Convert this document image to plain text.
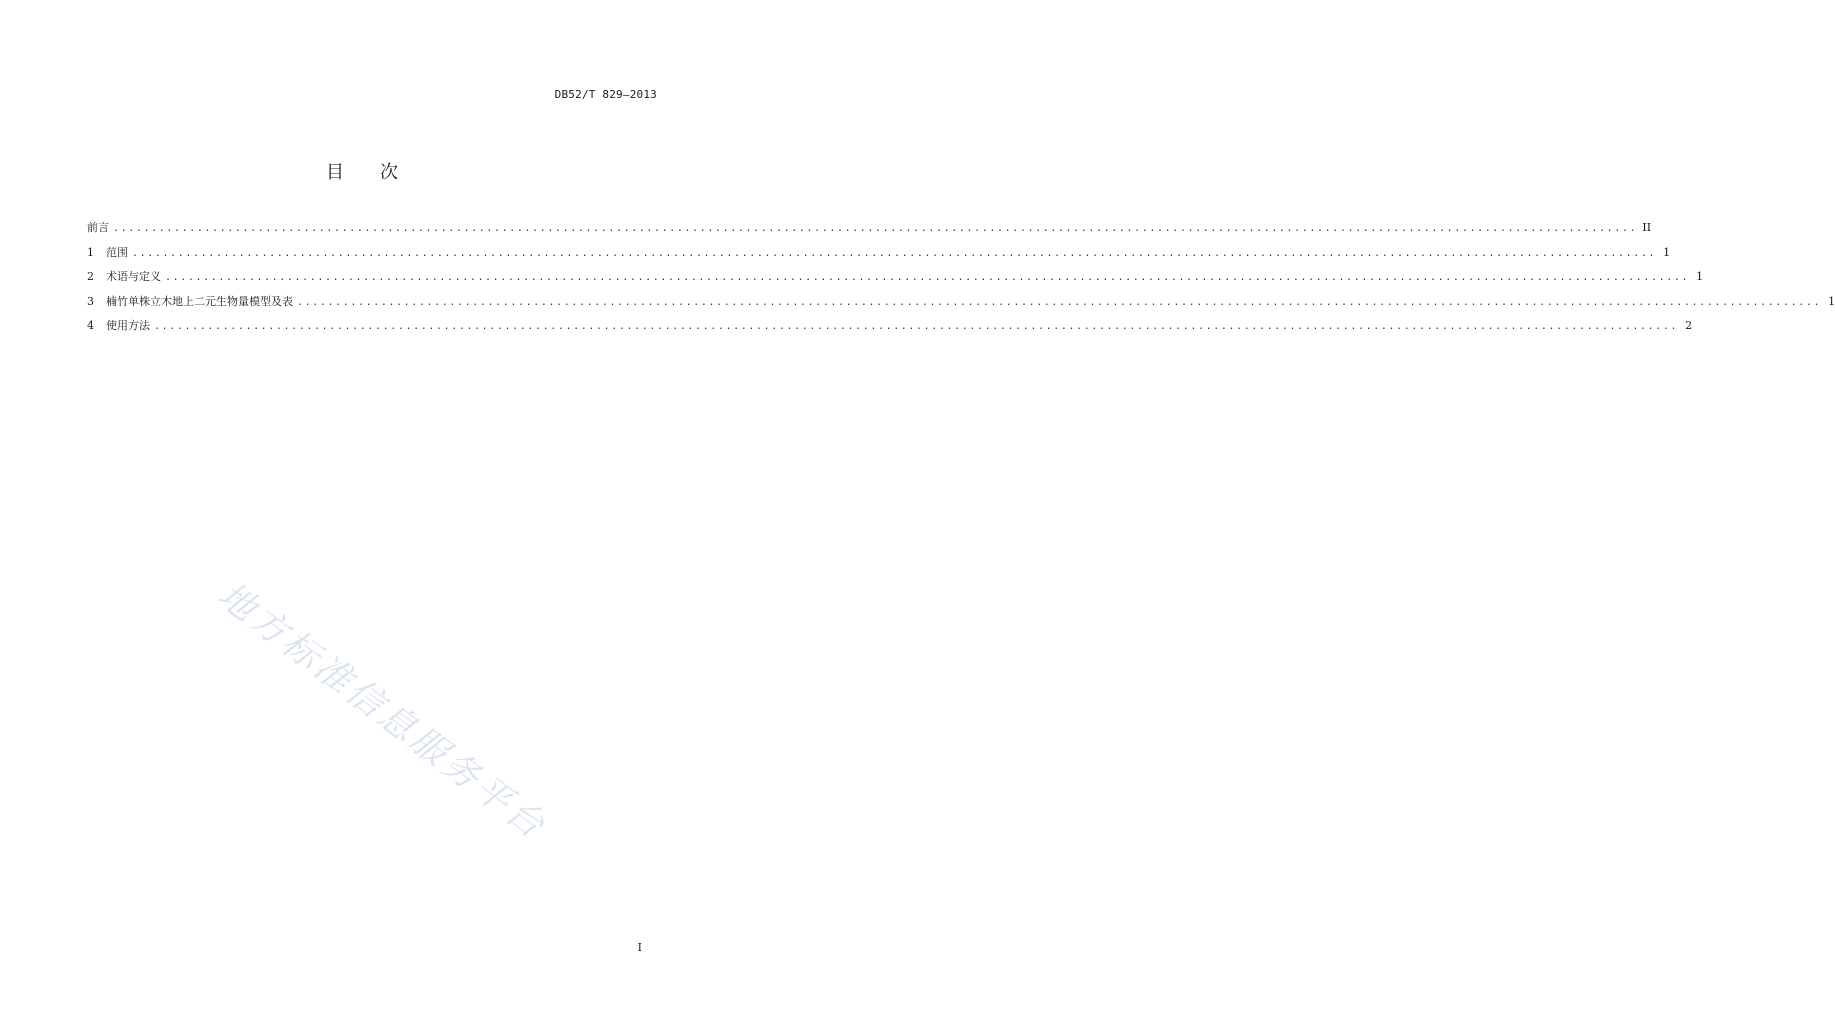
DB52/T 829—2013
目 次
前言 ........................................................................................................................................................................................................ II
1	范围 ........................................................................................................................................................................................................ 1
2	术语与定义 ........................................................................................................................................................................................................ 1
3	楠竹单株立木地上二元生物量模型及表 ........................................................................................................................................................................................................ 1
4	使用方法 ........................................................................................................................................................................................................ 2
地方标准信息服务平台
I
